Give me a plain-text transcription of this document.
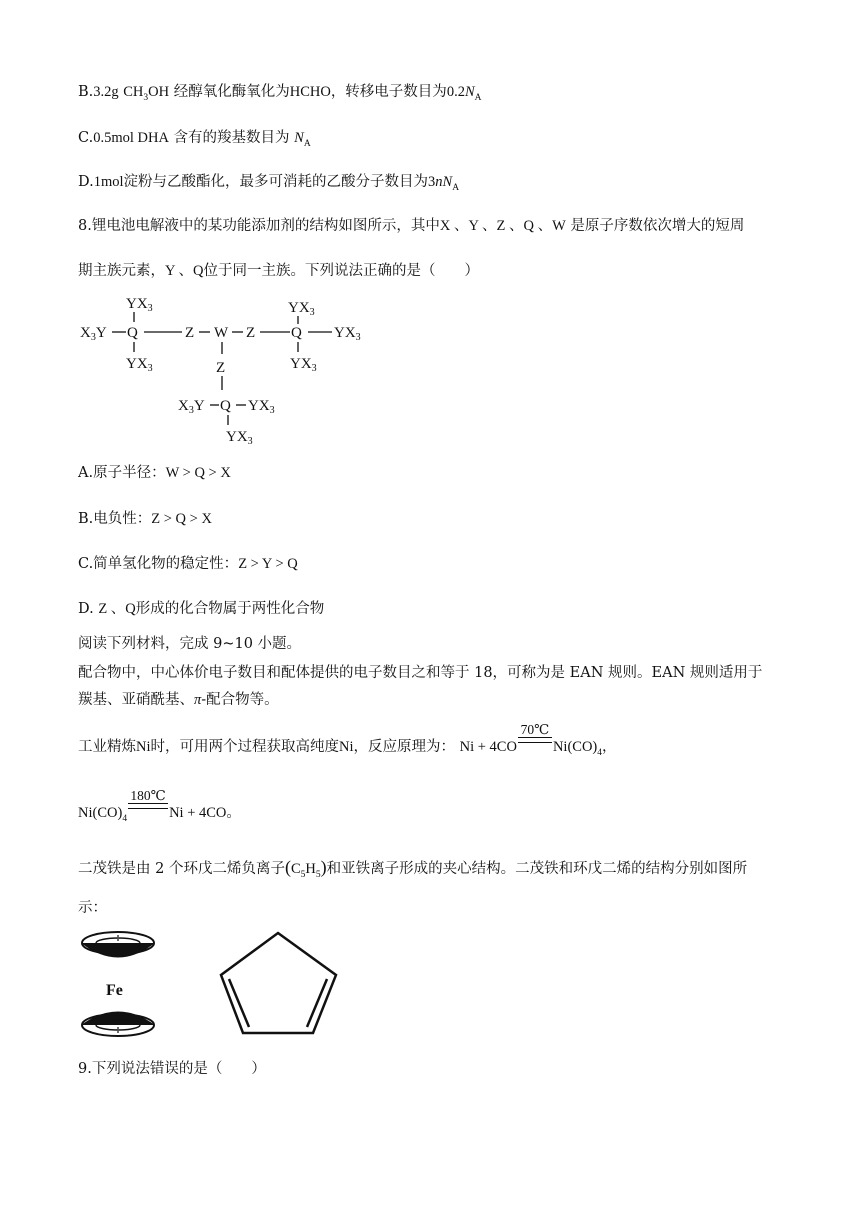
B.3.2g $CH_3OH$ 经醇氧化酶氧化为HCHO，转移电子数目为$0.2N_A$
C.0.5mol DHA 含有的羧基数目为 $N_A$
D.1mol淀粉与乙酸酯化，最多可消耗的乙酸分子数目为$3nN_A$
8.锂电池电解液中的某功能添加剂的结构如图所示，其中X 、Y 、Z 、Q 、W 是原子序数依次增大的短周
期主族元素，Y 、Q位于同一主族。下列说法正确的是（　　）
$YX_3$
$X_3Y$ Q
$YX_3$
Z W Z
$YX_3$
Q $YX_3$
$YX_3$
Z
$X_3Y$ Q $YX_3$
$YX_3$
A.原子半径：W > Q > X
B.电负性：Z > Q > X
C.简单氢化物的稳定性：Z > Y > Q
D. Z 、Q形成的化合物属于两性化合物
阅读下列材料，完成 9~10 小题。
配合物中，中心体价电子数目和配体提供的电子数目之和等于 18，可称为是 EAN 规则。EAN 规则适用于
羰基、亚硝酰基、π-配合物等。
工业精炼Ni时，可用两个过程获取高纯度Ni，反应原理为： Ni + 4CO
70℃
$Ni(CO)_4$，
$Ni(CO)_4$
180℃
Ni + 4CO。
二茂铁是由 2 个环戊二烯负离子$(C_5H_5)$和亚铁离子形成的夹心结构。二茂铁和环戊二烯的结构分别如图所
示：
Fe
9.下列说法错误的是（　　）
